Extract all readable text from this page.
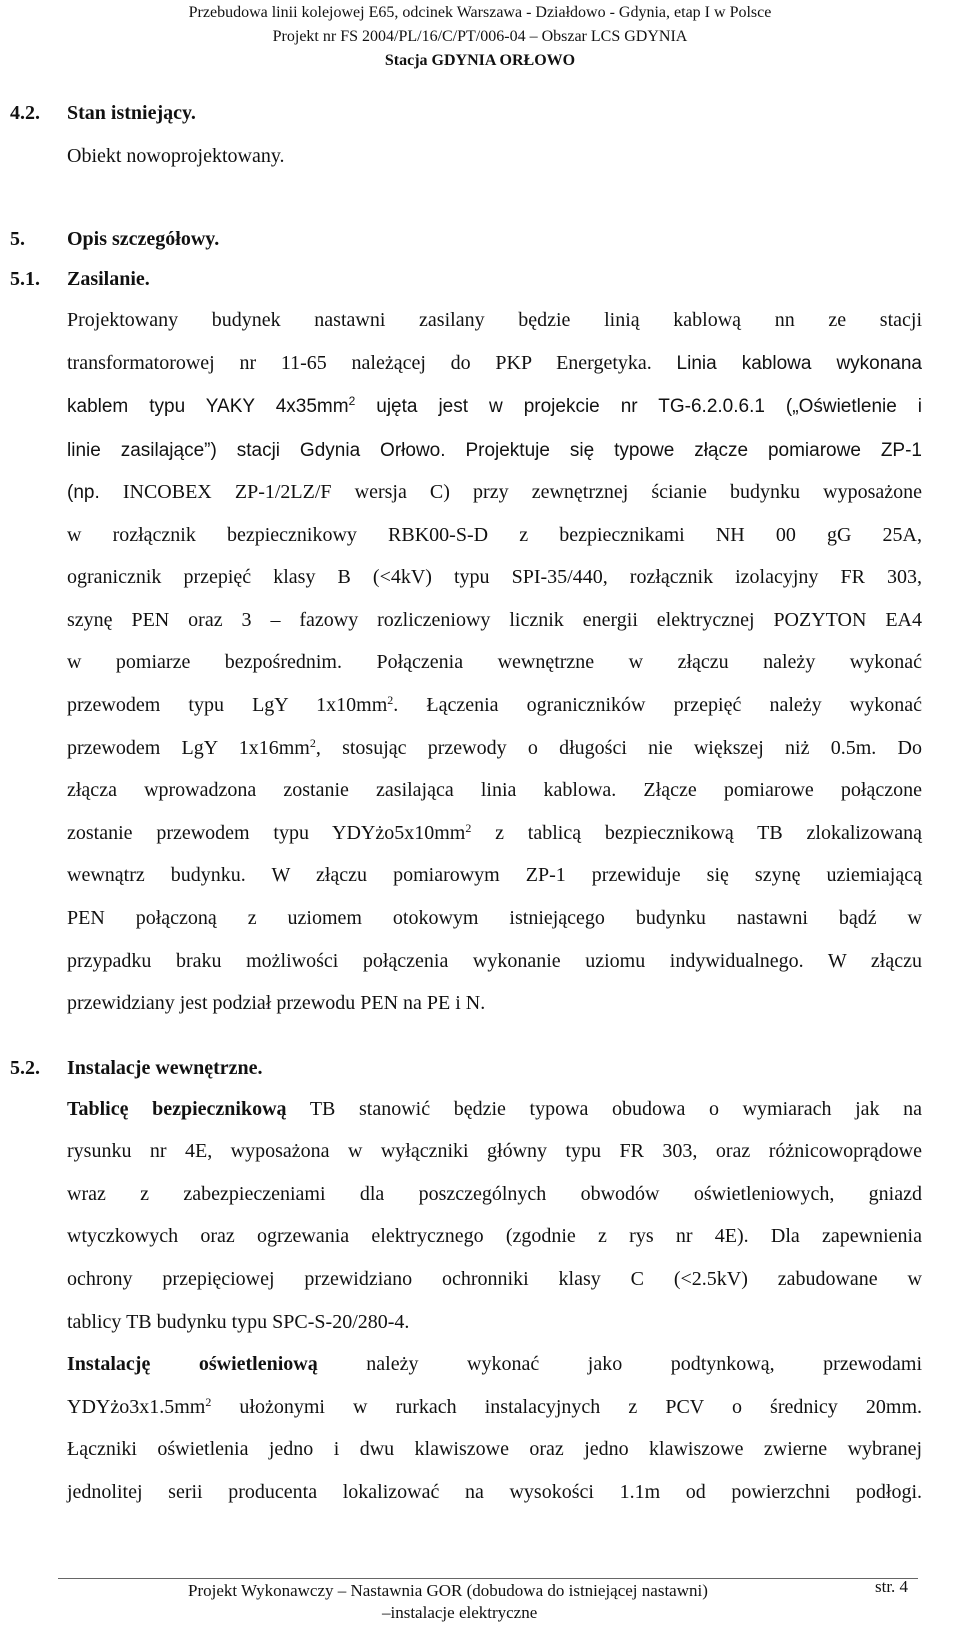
Przebudowa linii kolejowej E65, odcinek Warszawa - Działdowo - Gdynia, etap I w Polsce
Projekt nr FS 2004/PL/16/C/PT/006-04 – Obszar LCS GDYNIA
Stacja GDYNIA ORŁOWO
4.2. Stan istniejący.
Obiekt nowoprojektowany.
5. Opis szczegółowy.
5.1. Zasilanie.
Projektowany budynek nastawni zasilany będzie linią kablową nn ze stacji
transformatorowej nr 11-65 należącej do PKP Energetyka. Linia kablowa wykonana
kablem typu YAKY $4x35mm^2$ ujęta jest w projekcie nr TG-6.2.0.6.1 („Oświetlenie i
linie zasilające”) stacji Gdynia Orłowo. Projektuje się typowe złącze pomiarowe ZP-1
(np. INCOBEX ZP-1/2LZ/F wersja C) przy zewnętrznej ścianie budynku wyposażone
w rozłącznik bezpiecznikowy RBK00-S-D z bezpiecznikami NH 00 gG 25A,
ogranicznik przepięć klasy B (<4kV) typu SPI-35/440, rozłącznik izolacyjny FR 303,
szynę PEN oraz 3 – fazowy rozliczeniowy licznik energii elektrycznej POZYTON EA4
w pomiarze bezpośrednim. Połączenia wewnętrzne w złączu należy wykonać
przewodem typu LgY $1x10mm^2$. Łączenia ograniczników przepięć należy wykonać
przewodem LgY $1x16mm^2$, stosując przewody o długości nie większej niż 0.5m. Do
złącza wprowadzona zostanie zasilająca linia kablowa. Złącze pomiarowe połączone
zostanie przewodem typu $YDYżo5x10mm^2$ z tablicą bezpiecznikową TB zlokalizowaną
wewnątrz budynku. W złączu pomiarowym ZP-1 przewiduje się szynę uziemiającą
PEN połączoną z uziomem otokowym istniejącego budynku nastawni bądź w
przypadku braku możliwości połączenia wykonanie uziomu indywidualnego. W złączu
przewidziany jest podział przewodu PEN na PE i N.
5.2. Instalacje wewnętrzne.
Tablicę bezpiecznikową TB stanowić będzie typowa obudowa o wymiarach jak na
rysunku nr 4E, wyposażona w wyłączniki główny typu FR 303, oraz różnicowoprądowe
wraz z zabezpieczeniami dla poszczególnych obwodów oświetleniowych, gniazd
wtyczkowych oraz ogrzewania elektrycznego (zgodnie z rys nr 4E). Dla zapewnienia
ochrony przepięciowej przewidziano ochronniki klasy C (<2.5kV) zabudowane w
tablicy TB budynku typu SPC-S-20/280-4.
Instalację oświetleniową należy wykonać jako podtynkową, przewodami
$YDYżo3x1.5mm^2$ ułożonymi w rurkach instalacyjnych z PCV o średnicy 20mm.
Łączniki oświetlenia jedno i dwu klawiszowe oraz jedno klawiszowe zwierne wybranej
jednolitej serii producenta lokalizować na wysokości 1.1m od powierzchni podłogi.
Projekt Wykonawczy – Nastawnia GOR (dobudowa do istniejącej nastawni)	str. 4
–instalacje elektryczne
